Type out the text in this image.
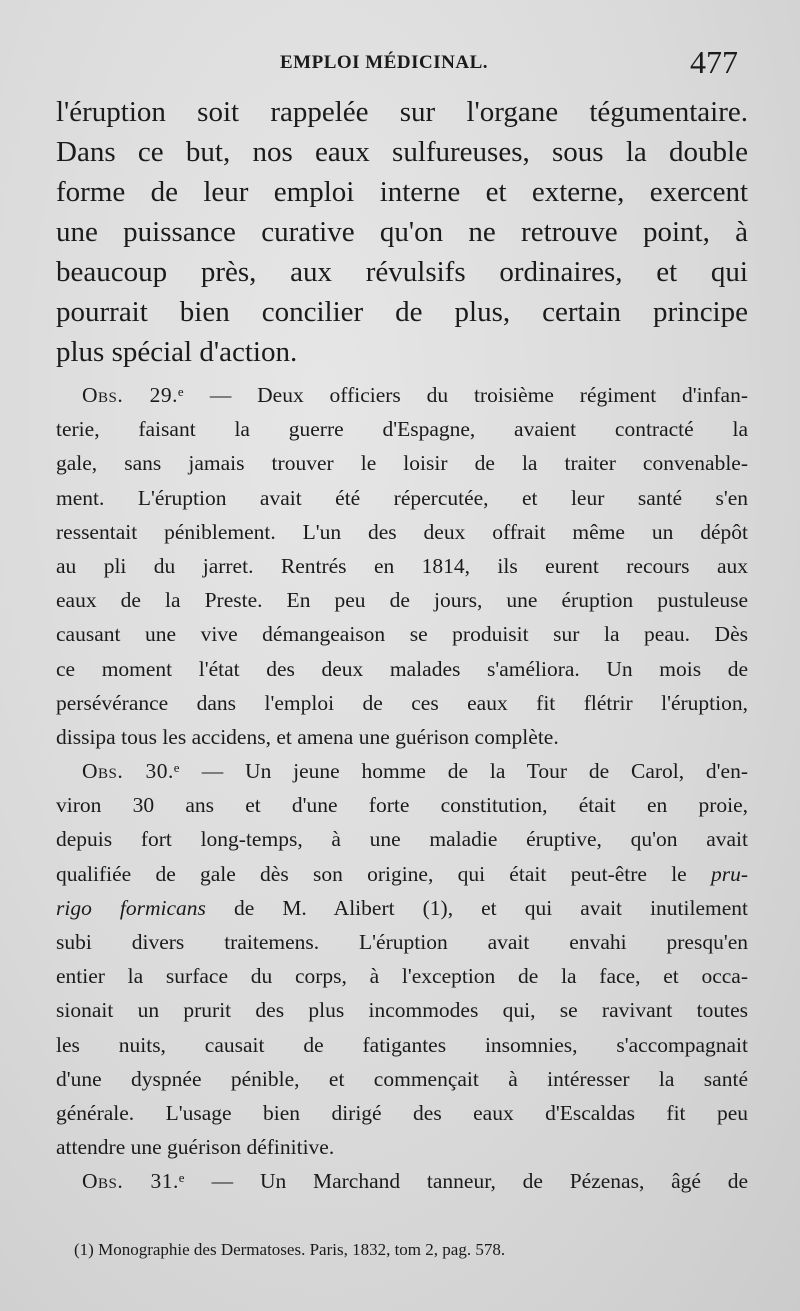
EMPLOI MÉDICINAL.	477
l'éruption soit rappelée sur l'organe tégumentaire.
Dans ce but, nos eaux sulfureuses, sous la double
forme de leur emploi interne et externe, exercent
une puissance curative qu'on ne retrouve point, à
beaucoup près, aux révulsifs ordinaires, et qui
pourrait bien concilier de plus, certain principe
plus spécial d'action.
Obs. 29.ᵉ — Deux officiers du troisième régiment d'infan-
terie, faisant la guerre d'Espagne, avaient contracté la
gale, sans jamais trouver le loisir de la traiter convenable-
ment. L'éruption avait été répercutée, et leur santé s'en
ressentait péniblement. L'un des deux offrait même un dépôt
au pli du jarret. Rentrés en 1814, ils eurent recours aux
eaux de la Preste. En peu de jours, une éruption pustuleuse
causant une vive démangeaison se produisit sur la peau. Dès
ce moment l'état des deux malades s'améliora. Un mois de
persévérance dans l'emploi de ces eaux fit flétrir l'éruption,
dissipa tous les accidens, et amena une guérison complète.
Obs. 30.ᵉ — Un jeune homme de la Tour de Carol, d'en-
viron 30 ans et d'une forte constitution, était en proie,
depuis fort long-temps, à une maladie éruptive, qu'on avait
qualifiée de gale dès son origine, qui était peut-être le pru-
rigo formicans de M. Alibert (1), et qui avait inutilement
subi divers traitemens. L'éruption avait envahi presqu'en
entier la surface du corps, à l'exception de la face, et occa-
sionait un prurit des plus incommodes qui, se ravivant toutes
les nuits, causait de fatigantes insomnies, s'accompagnait
d'une dyspnée pénible, et commençait à intéresser la santé
générale. L'usage bien dirigé des eaux d'Escaldas fit peu
attendre une guérison définitive.
Obs. 31.ᵉ — Un Marchand tanneur, de Pézenas, âgé de
(1) Monographie des Dermatoses. Paris, 1832, tom 2, pag. 578.
